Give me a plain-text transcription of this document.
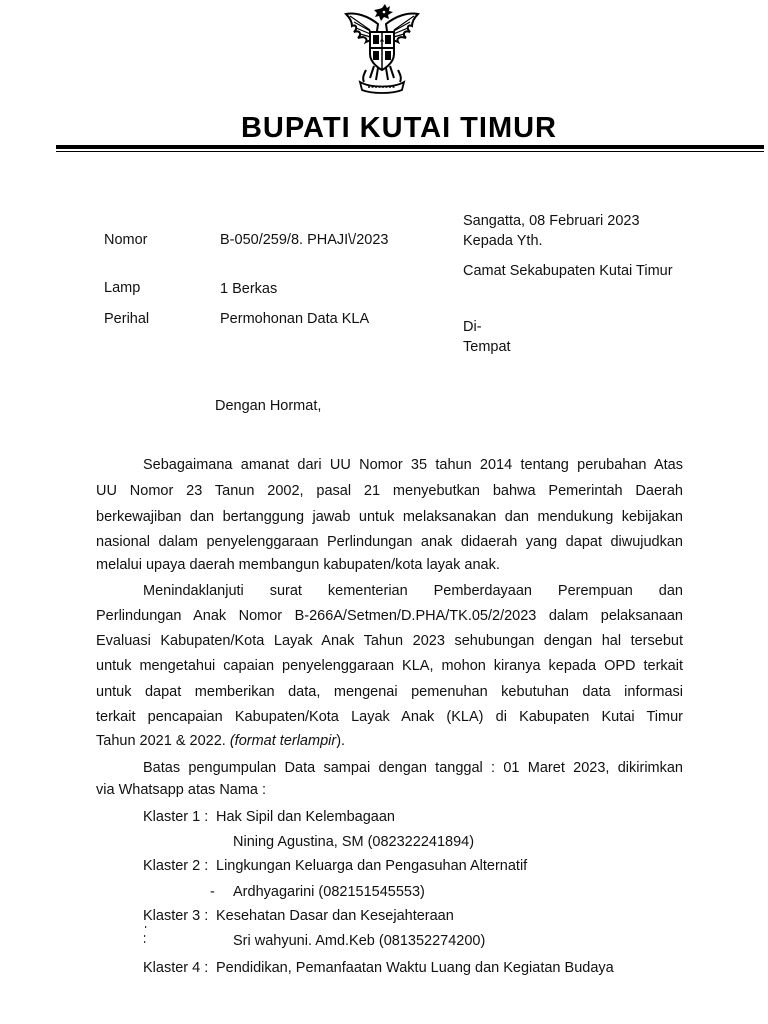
BUPATI KUTAI TIMUR
Nomor	B-050/259/8. PHAJI\/2023
Lamp	1 Berkas
Perihal	Permohonan Data KLA
Sangatta, 08 Februari 2023
Kepada Yth.
Camat Sekabupaten Kutai Timur
Di-
Tempat
Dengan Hormat,
Sebagaimana amanat dari UU Nomor 35 tahun 2014 tentang perubahan Atas
UU Nomor 23 Tanun 2002, pasal 21 menyebutkan bahwa Pemerintah Daerah
berkewajiban dan bertanggung jawab untuk melaksanakan dan mendukung kebijakan
nasional dalam penyelenggaraan Perlindungan anak didaerah yang dapat diwujudkan
melalui upaya daerah membangun kabupaten/kota layak anak.
Menindaklanjuti surat kementerian Pemberdayaan Perempuan dan
Perlindungan Anak Nomor B-266A/Setmen/D.PHA/TK.05/2/2023 dalam pelaksanaan
Evaluasi Kabupaten/Kota Layak Anak Tahun 2023 sehubungan dengan hal tersebut
untuk mengetahui capaian penyelenggaraan KLA, mohon kiranya kepada OPD terkait
untuk dapat memberikan data, mengenai pemenuhan kebutuhan data informasi
terkait pencapaian Kabupaten/Kota Layak Anak (KLA) di Kabupaten Kutai Timur
Tahun 2021 & 2022. (format terlampir).
Batas pengumpulan Data sampai dengan tanggal : 01 Maret 2023, dikirimkan
via Whatsapp atas Nama :
Klaster 1 : Hak Sipil dan Kelembagaan
Nining Agustina, SM (082322241894)
Klaster 2 : Lingkungan Keluarga dan Pengasuhan Alternatif
- Ardhyagarini (082151545553)
Klaster 3 : Kesehatan Dasar dan Kesejahteraan
Sri wahyuni. Amd.Keb (081352274200)
Klaster 4 : Pendidikan, Pemanfaatan Waktu Luang dan Kegiatan Budaya
